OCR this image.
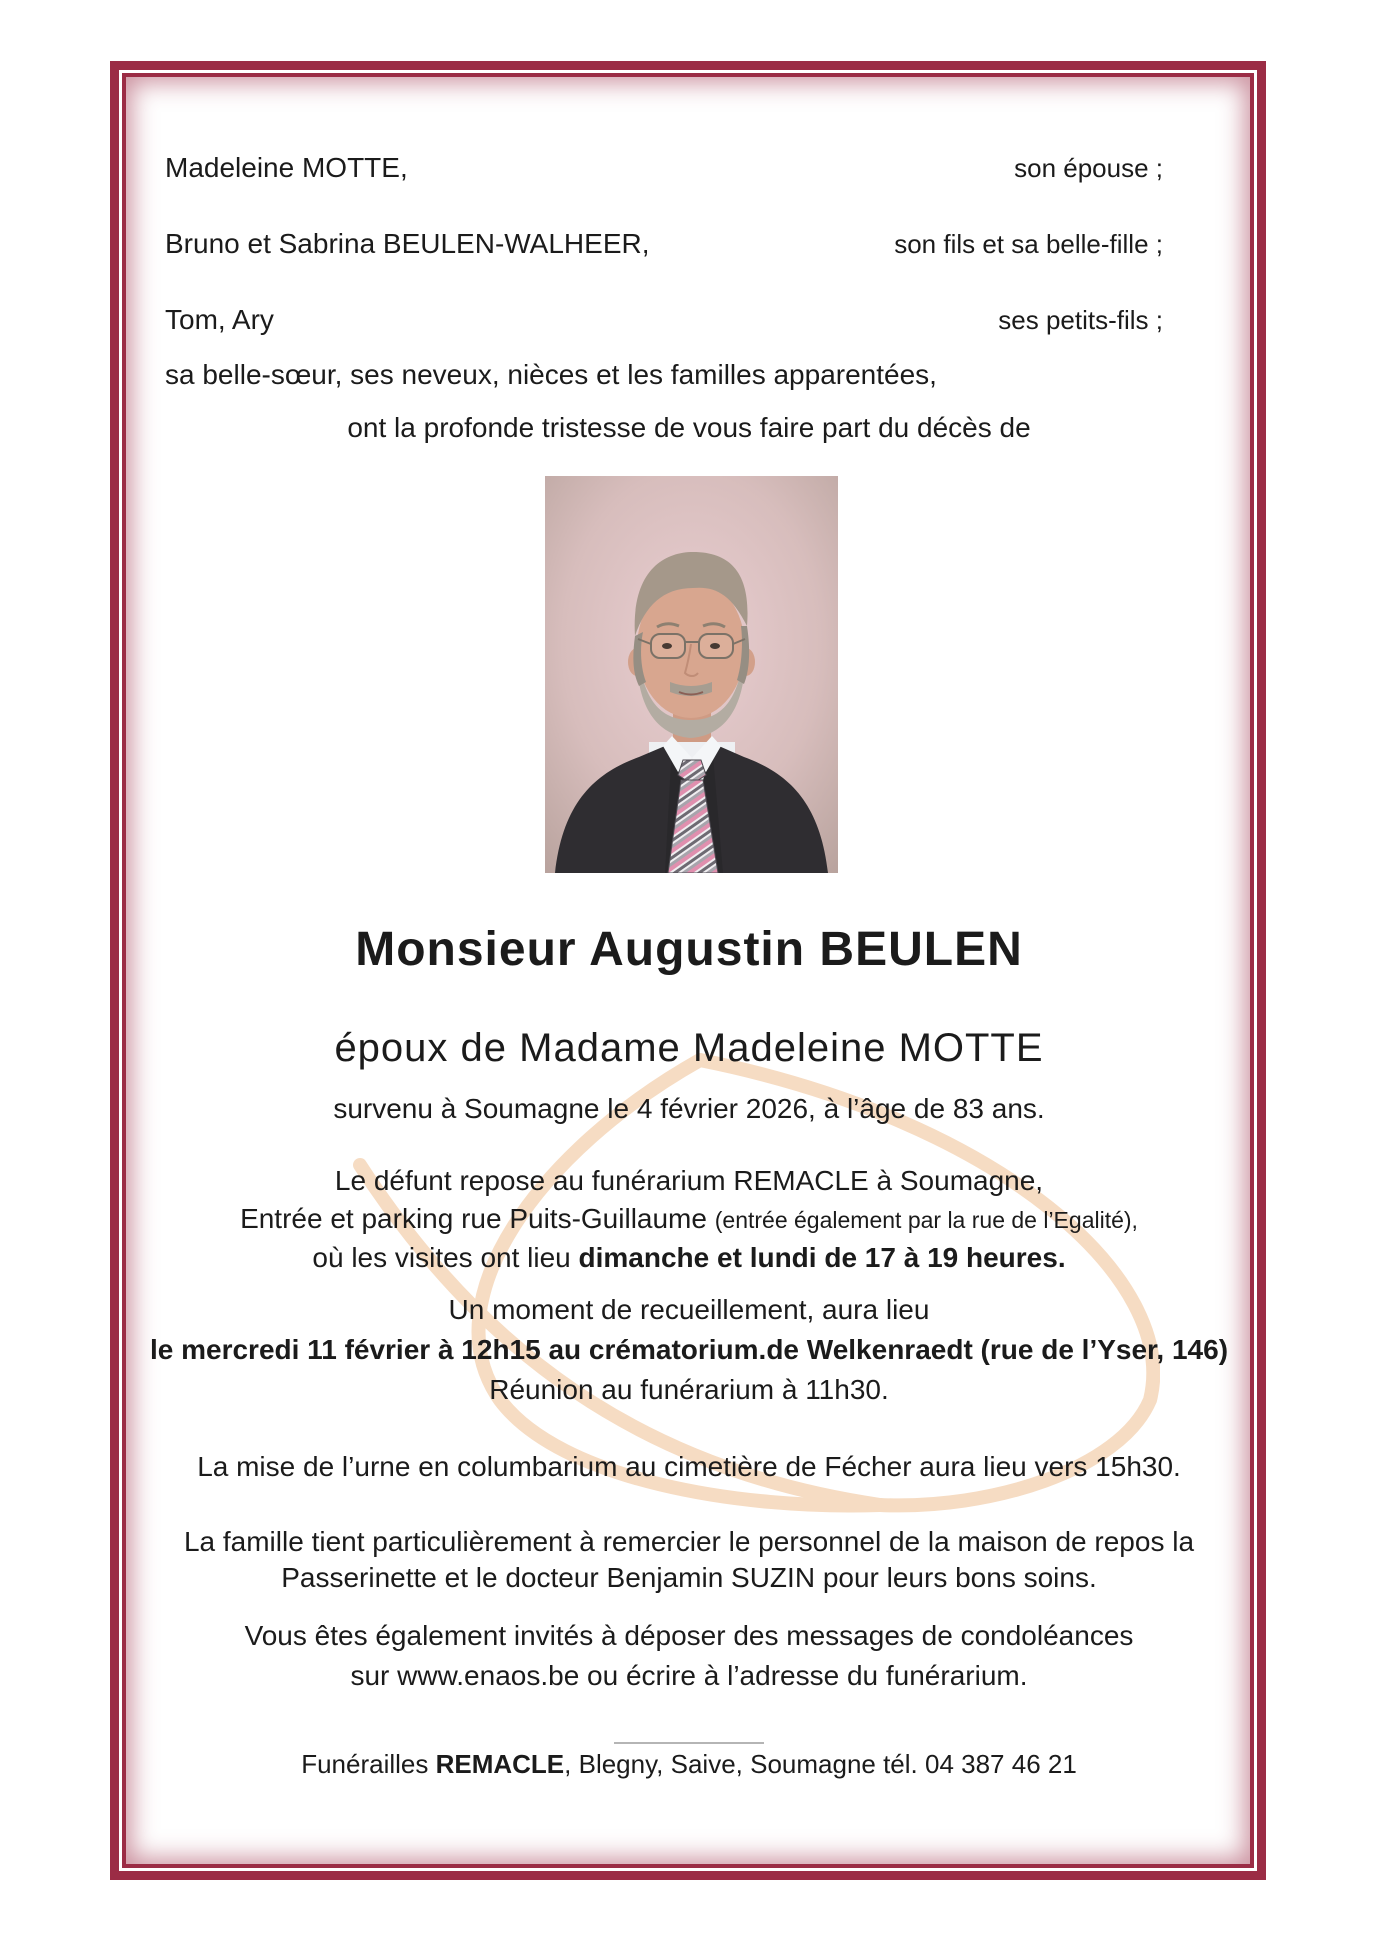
Madeleine MOTTE,	son épouse ;
Bruno et Sabrina BEULEN-WALHEER,	son fils et sa belle-fille ;
Tom, Ary	ses petits-fils ;
sa belle-sœur, ses neveux, nièces et les familles apparentées,
ont la profonde tristesse de vous faire part du décès de
Monsieur Augustin BEULEN
époux de Madame Madeleine MOTTE
survenu à Soumagne le 4 février 2026, à l’âge de 83 ans.
Le défunt repose au funérarium REMACLE à Soumagne,
Entrée et parking rue Puits-Guillaume (entrée également par la rue de l’Egalité),
où les visites ont lieu dimanche et lundi de 17 à 19 heures.
Un moment de recueillement, aura lieu
le mercredi 11 février à 12h15 au crématorium.de Welkenraedt (rue de l’Yser, 146)
Réunion au funérarium à 11h30.
La mise de l’urne en columbarium au cimetière de Fécher aura lieu vers 15h30.
La famille tient particulièrement à remercier le personnel de la maison de repos la
Passerinette et le docteur Benjamin SUZIN pour leurs bons soins.
Vous êtes également invités à déposer des messages de condoléances
sur www.enaos.be ou écrire à l’adresse du funérarium.
Funérailles REMACLE, Blegny, Saive, Soumagne tél. 04 387 46 21
